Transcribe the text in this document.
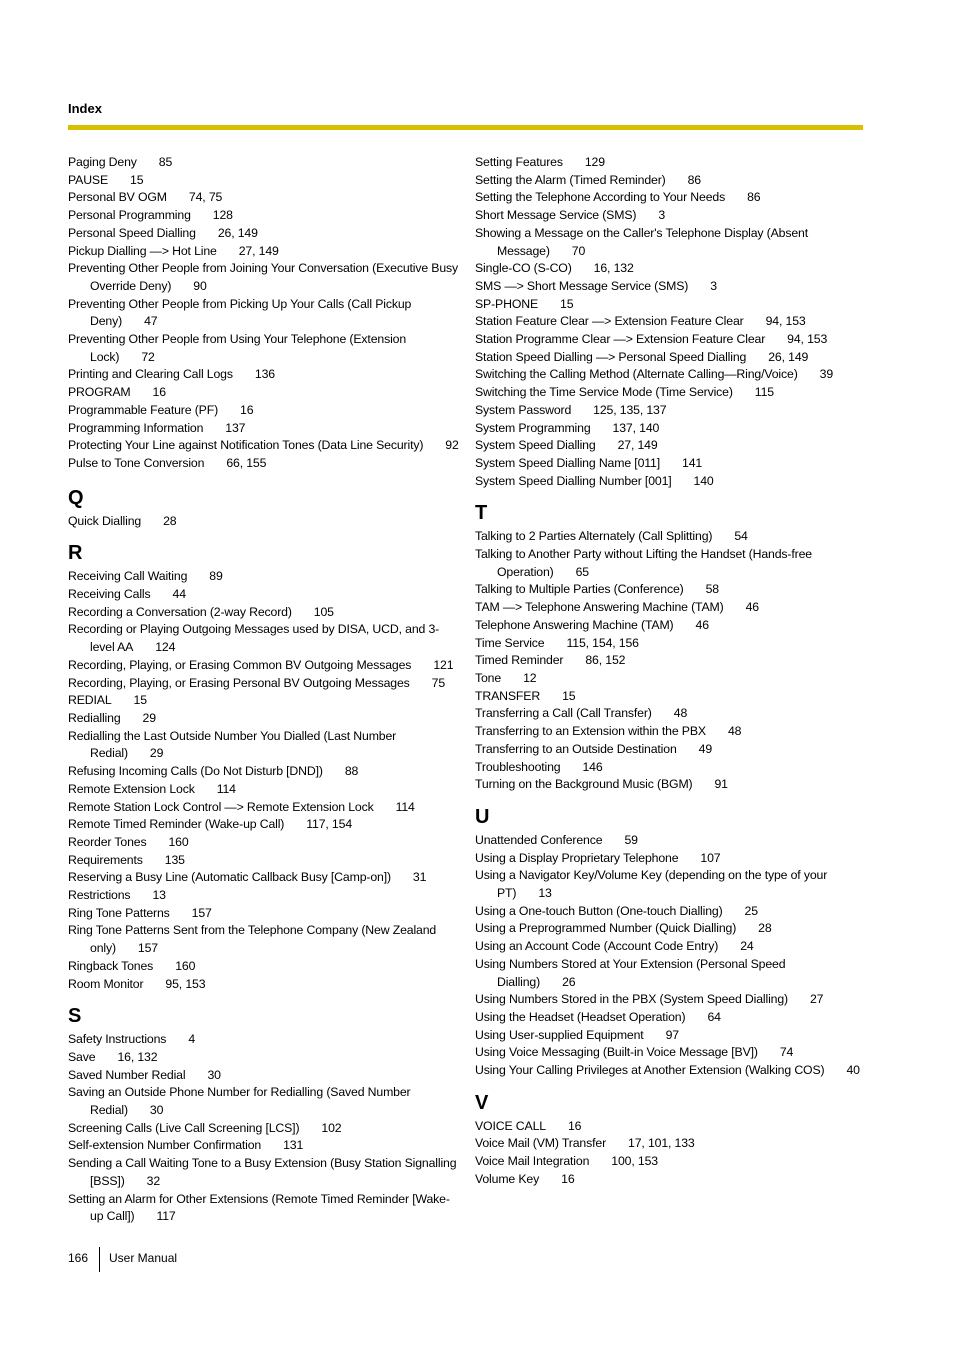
Index
Paging Deny 85
PAUSE 15
Personal BV OGM 74, 75
Personal Programming 128
Personal Speed Dialling 26, 149
Pickup Dialling —> Hot Line 27, 149
Preventing Other People from Joining Your Conversation (Executive Busy Override Deny) 90
Preventing Other People from Picking Up Your Calls (Call Pickup Deny) 47
Preventing Other People from Using Your Telephone (Extension Lock) 72
Printing and Clearing Call Logs 136
PROGRAM 16
Programmable Feature (PF) 16
Programming Information 137
Protecting Your Line against Notification Tones (Data Line Security) 92
Pulse to Tone Conversion 66, 155
Q
Quick Dialling 28
R
Receiving Call Waiting 89
Receiving Calls 44
Recording a Conversation (2-way Record) 105
Recording or Playing Outgoing Messages used by DISA, UCD, and 3-level AA 124
Recording, Playing, or Erasing Common BV Outgoing Messages 121
Recording, Playing, or Erasing Personal BV Outgoing Messages 75
REDIAL 15
Redialling 29
Redialling the Last Outside Number You Dialled (Last Number Redial) 29
Refusing Incoming Calls (Do Not Disturb [DND]) 88
Remote Extension Lock 114
Remote Station Lock Control —> Remote Extension Lock 114
Remote Timed Reminder (Wake-up Call) 117, 154
Reorder Tones 160
Requirements 135
Reserving a Busy Line (Automatic Callback Busy [Camp-on]) 31
Restrictions 13
Ring Tone Patterns 157
Ring Tone Patterns Sent from the Telephone Company (New Zealand only) 157
Ringback Tones 160
Room Monitor 95, 153
S
Safety Instructions 4
Save 16, 132
Saved Number Redial 30
Saving an Outside Phone Number for Redialling (Saved Number Redial) 30
Screening Calls (Live Call Screening [LCS]) 102
Self-extension Number Confirmation 131
Sending a Call Waiting Tone to a Busy Extension (Busy Station Signalling [BSS]) 32
Setting an Alarm for Other Extensions (Remote Timed Reminder [Wake-up Call]) 117
Setting Features 129
Setting the Alarm (Timed Reminder) 86
Setting the Telephone According to Your Needs 86
Short Message Service (SMS) 3
Showing a Message on the Caller's Telephone Display (Absent Message) 70
Single-CO (S-CO) 16, 132
SMS —> Short Message Service (SMS) 3
SP-PHONE 15
Station Feature Clear —> Extension Feature Clear 94, 153
Station Programme Clear —> Extension Feature Clear 94, 153
Station Speed Dialling —> Personal Speed Dialling 26, 149
Switching the Calling Method (Alternate Calling—Ring/Voice) 39
Switching the Time Service Mode (Time Service) 115
System Password 125, 135, 137
System Programming 137, 140
System Speed Dialling 27, 149
System Speed Dialling Name [011] 141
System Speed Dialling Number [001] 140
T
Talking to 2 Parties Alternately (Call Splitting) 54
Talking to Another Party without Lifting the Handset (Hands-free Operation) 65
Talking to Multiple Parties (Conference) 58
TAM —> Telephone Answering Machine (TAM) 46
Telephone Answering Machine (TAM) 46
Time Service 115, 154, 156
Timed Reminder 86, 152
Tone 12
TRANSFER 15
Transferring a Call (Call Transfer) 48
Transferring to an Extension within the PBX 48
Transferring to an Outside Destination 49
Troubleshooting 146
Turning on the Background Music (BGM) 91
U
Unattended Conference 59
Using a Display Proprietary Telephone 107
Using a Navigator Key/Volume Key (depending on the type of your PT) 13
Using a One-touch Button (One-touch Dialling) 25
Using a Preprogrammed Number (Quick Dialling) 28
Using an Account Code (Account Code Entry) 24
Using Numbers Stored at Your Extension (Personal Speed Dialling) 26
Using Numbers Stored in the PBX (System Speed Dialling) 27
Using the Headset (Headset Operation) 64
Using User-supplied Equipment 97
Using Voice Messaging (Built-in Voice Message [BV]) 74
Using Your Calling Privileges at Another Extension (Walking COS) 40
V
VOICE CALL 16
Voice Mail (VM) Transfer 17, 101, 133
Voice Mail Integration 100, 153
Volume Key 16
166 User Manual
